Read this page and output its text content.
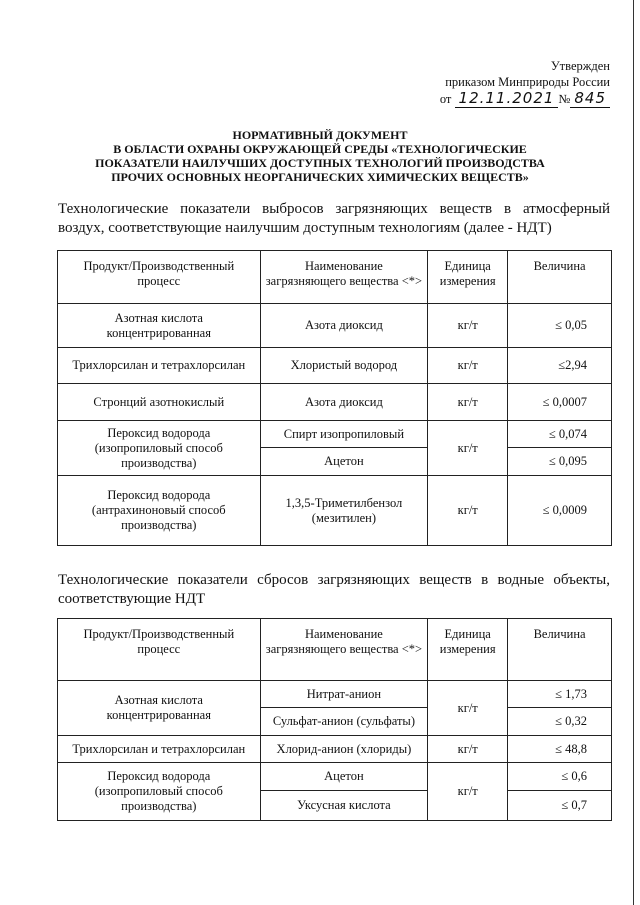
Утвержден
приказом Минприроды России
от 12.11.2021 № 845
НОРМАТИВНЫЙ ДОКУМЕНТ
В ОБЛАСТИ ОХРАНЫ ОКРУЖАЮЩЕЙ СРЕДЫ «ТЕХНОЛОГИЧЕСКИЕ
ПОКАЗАТЕЛИ НАИЛУЧШИХ ДОСТУПНЫХ ТЕХНОЛОГИЙ ПРОИЗВОДСТВА
ПРОЧИХ ОСНОВНЫХ НЕОРГАНИЧЕСКИХ ХИМИЧЕСКИХ ВЕЩЕСТВ»
Технологические показатели выбросов загрязняющих веществ в атмосферный воздух, соответствующие наилучшим доступным технологиям (далее - НДТ)
Продукт/Производственный процесс	Наименование загрязняющего вещества <*>	Единица измерения	Величина
Азотная кислота концентрированная	Азота диоксид	кг/т	≤ 0,05
Трихлорсилан и тетрахлорсилан	Хлористый водород	кг/т	≤2,94
Стронций азотнокислый	Азота диоксид	кг/т	≤ 0,0007
Пероксид водорода (изопропиловый способ производства)	Спирт изопропиловый	кг/т	≤ 0,074
	Ацетон		≤ 0,095
Пероксид водорода (антрахиноновый способ производства)	1,3,5-Триметилбензол (мезитилен)	кг/т	≤ 0,0009
Технологические показатели сбросов загрязняющих веществ в водные объекты, соответствующие НДТ
Продукт/Производственный процесс	Наименование загрязняющего вещества <*>	Единица измерения	Величина
Азотная кислота концентрированная	Нитрат-анион	кг/т	≤ 1,73
	Сульфат-анион (сульфаты)		≤ 0,32
Трихлорсилан и тетрахлорсилан	Хлорид-анион (хлориды)	кг/т	≤ 48,8
Пероксид водорода (изопропиловый способ производства)	Ацетон	кг/т	≤ 0,6
	Уксусная кислота		≤ 0,7
